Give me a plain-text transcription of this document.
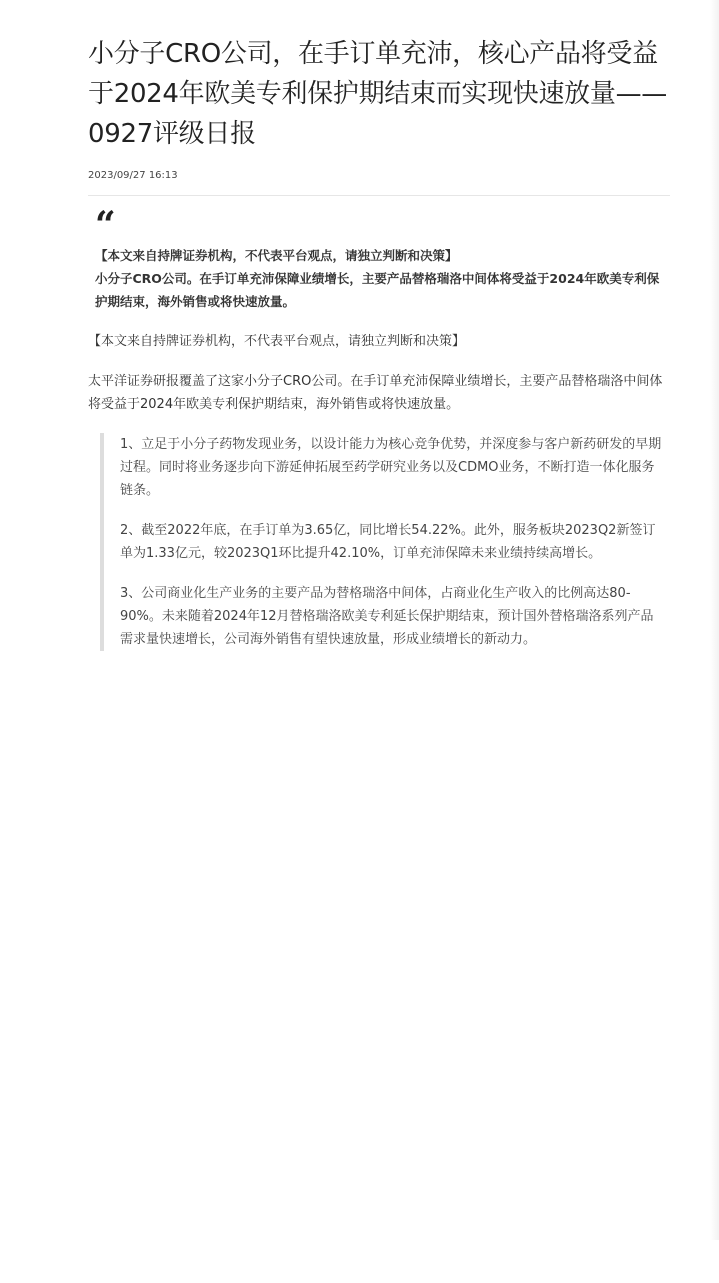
小分子CRO公司，在手订单充沛，核心产品将受益于2024年欧美专利保护期结束而实现快速放量——0927评级日报
2023/09/27 16:13
“
【本文来自持牌证券机构，不代表平台观点，请独立判断和决策】
小分子CRO公司。在手订单充沛保障业绩增长，主要产品替格瑞洛中间体将受益于2024年欧美专利保护期结束，海外销售或将快速放量。

【本文来自持牌证券机构，不代表平台观点，请独立判断和决策】

太平洋证券研报覆盖了这家小分子CRO公司。在手订单充沛保障业绩增长，主要产品替格瑞洛中间体将受益于2024年欧美专利保护期结束，海外销售或将快速放量。

1、立足于小分子药物发现业务，以设计能力为核心竞争优势，并深度参与客户新药研发的早期过程。同时将业务逐步向下游延伸拓展至药学研究业务以及CDMO业务，不断打造一体化服务链条。

2、截至2022年底，在手订单为3.65亿，同比增长54.22%。此外，服务板块2023Q2新签订单为1.33亿元，较2023Q1环比提升42.10%，订单充沛保障未来业绩持续高增长。

3、公司商业化生产业务的主要产品为替格瑞洛中间体，占商业化生产收入的比例高达80-90%。未来随着2024年12月替格瑞洛欧美专利延长保护期结束，预计国外替格瑞洛系列产品需求量快速增长，公司海外销售有望快速放量，形成业绩增长的新动力。
